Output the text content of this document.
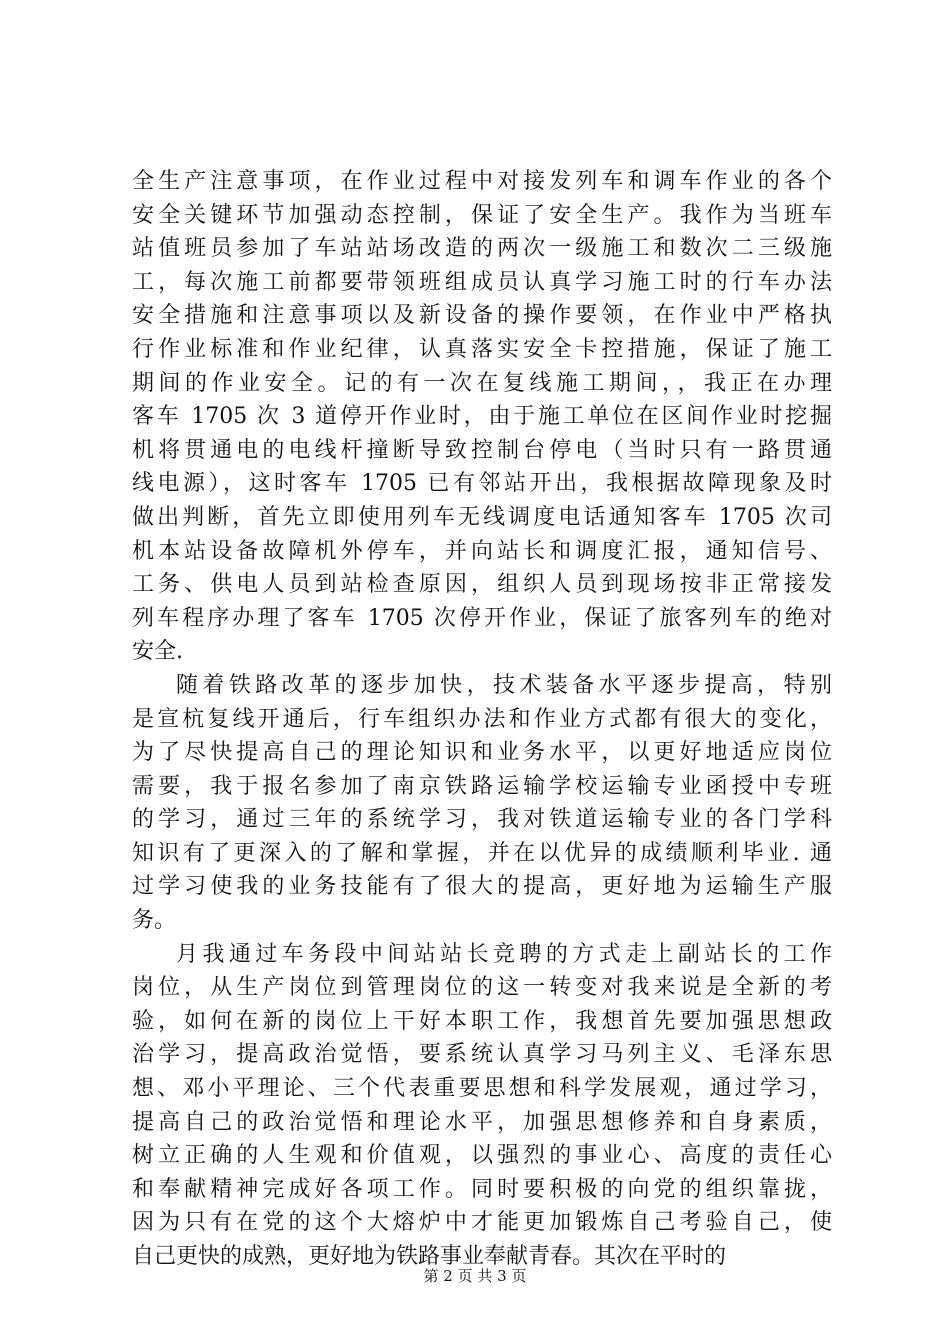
全生产注意事项，在作业过程中对接发列车和调车作业的各个
安全关键环节加强动态控制，保证了安全生产。我作为当班车
站值班员参加了车站站场改造的两次一级施工和数次二三级施
工，每次施工前都要带领班组成员认真学习施工时的行车办法
安全措施和注意事项以及新设备的操作要领，在作业中严格执
行作业标准和作业纪律，认真落实安全卡控措施，保证了施工
期间的作业安全。记的有一次在复线施工期间，，我正在办理
客车 1705 次 3 道停开作业时，由于施工单位在区间作业时挖掘
机将贯通电的电线杆撞断导致控制台停电（当时只有一路贯通
线电源），这时客车 1705 已有邻站开出，我根据故障现象及时
做出判断，首先立即使用列车无线调度电话通知客车 1705 次司
机本站设备故障机外停车，并向站长和调度汇报，通知信号、
工务、供电人员到站检查原因，组织人员到现场按非正常接发
列车程序办理了客车 1705 次停开作业，保证了旅客列车的绝对
安全.
随着铁路改革的逐步加快，技术装备水平逐步提高，特别
是宣杭复线开通后，行车组织办法和作业方式都有很大的变化，
为了尽快提高自己的理论知识和业务水平，以更好地适应岗位
需要，我于报名参加了南京铁路运输学校运输专业函授中专班
的学习，通过三年的系统学习，我对铁道运输专业的各门学科
知识有了更深入的了解和掌握，并在以优异的成绩顺利毕业. 通
过学习使我的业务技能有了很大的提高，更好地为运输生产服
务。
月我通过车务段中间站站长竞聘的方式走上副站长的工作
岗位，从生产岗位到管理岗位的这一转变对我来说是全新的考
验，如何在新的岗位上干好本职工作，我想首先要加强思想政
治学习，提高政治觉悟，要系统认真学习马列主义、毛泽东思
想、邓小平理论、三个代表重要思想和科学发展观，通过学习，
提高自己的政治觉悟和理论水平，加强思想修养和自身素质，
树立正确的人生观和价值观，以强烈的事业心、高度的责任心
和奉献精神完成好各项工作。同时要积极的向党的组织靠拢，
因为只有在党的这个大熔炉中才能更加锻炼自己考验自己，使
自己更快的成熟，更好地为铁路事业奉献青春。其次在平时的
第 2 页 共 3 页
